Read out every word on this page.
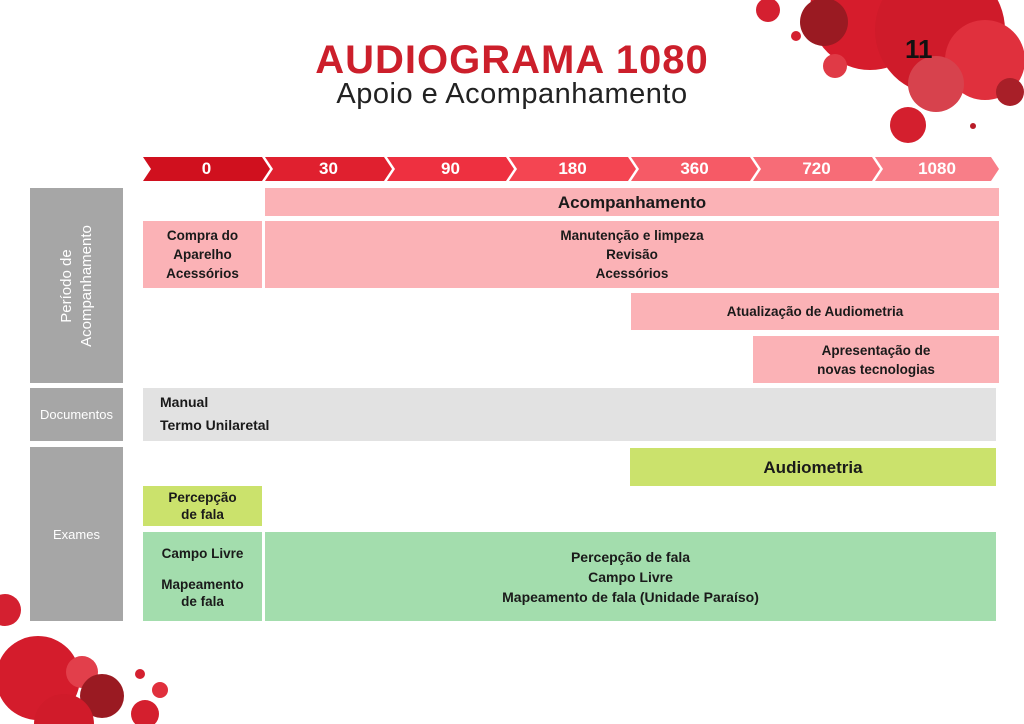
AUDIOGRAMA 1080
Apoio e Acompanhamento
11
0	30	90	180	360	720	1080
Período de Acompanhamento
Documentos
Exames
Acompanhamento
Compra do
Aparelho
Acessórios
Manutenção e limpeza
Revisão
Acessórios
Atualização de Audiometria
Apresentação de
novas tecnologias
Manual
Termo Unilaretal
Audiometria
Percepção
de fala
Campo Livre
Mapeamento
de fala
Percepção de fala
Campo Livre
Mapeamento de fala (Unidade Paraíso)
